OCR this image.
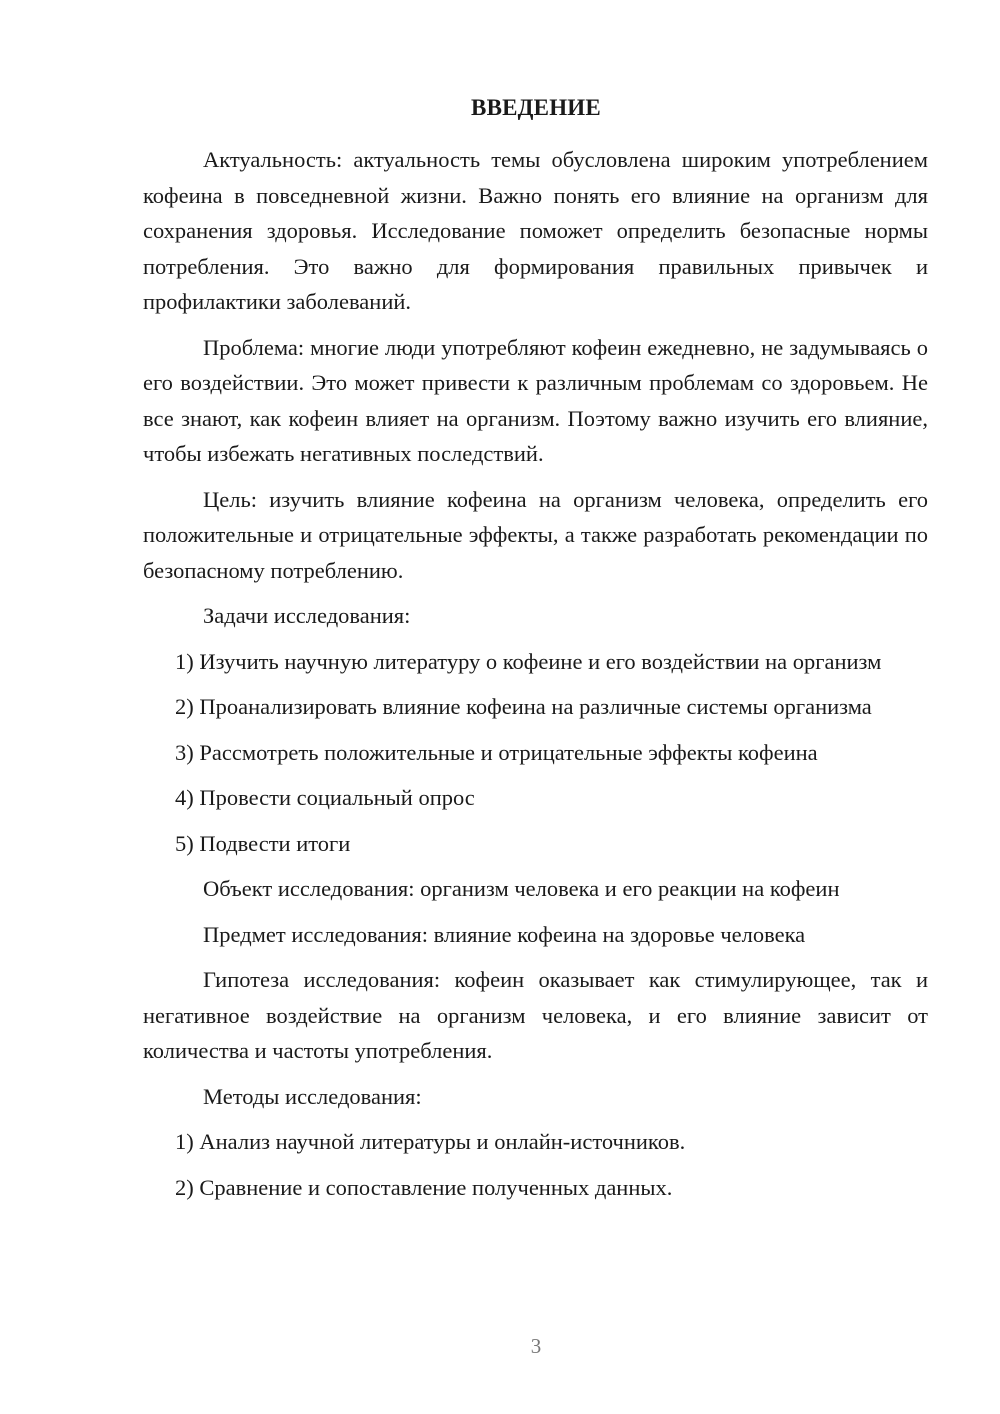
ВВЕДЕНИЕ

Актуальность: актуальность темы обусловлена широким употреблением кофеина в повседневной жизни. Важно понять его влияние на организм для сохранения здоровья. Исследование поможет определить безопасные нормы потребления. Это важно для формирования правильных привычек и профилактики заболеваний.

Проблема: многие люди употребляют кофеин ежедневно, не задумываясь о его воздействии. Это может привести к различным проблемам со здоровьем. Не все знают, как кофеин влияет на организм. Поэтому важно изучить его влияние, чтобы избежать негативных последствий.

Цель: изучить влияние кофеина на организм человека, определить его положительные и отрицательные эффекты, а также разработать рекомендации по безопасному потреблению.

Задачи исследования:

1) Изучить научную литературу о кофеине и его воздействии на организм

2) Проанализировать влияние кофеина на различные системы организма

3) Рассмотреть положительные и отрицательные эффекты кофеина

4) Провести социальный опрос

5) Подвести итоги

Объект исследования: организм человека и его реакции на кофеин

Предмет исследования: влияние кофеина на здоровье человека

Гипотеза исследования: кофеин оказывает как стимулирующее, так и негативное воздействие на организм человека, и его влияние зависит от количества и частоты употребления.

Методы исследования:

1) Анализ научной литературы и онлайн-источников.

2) Сравнение и сопоставление полученных данных.

3
